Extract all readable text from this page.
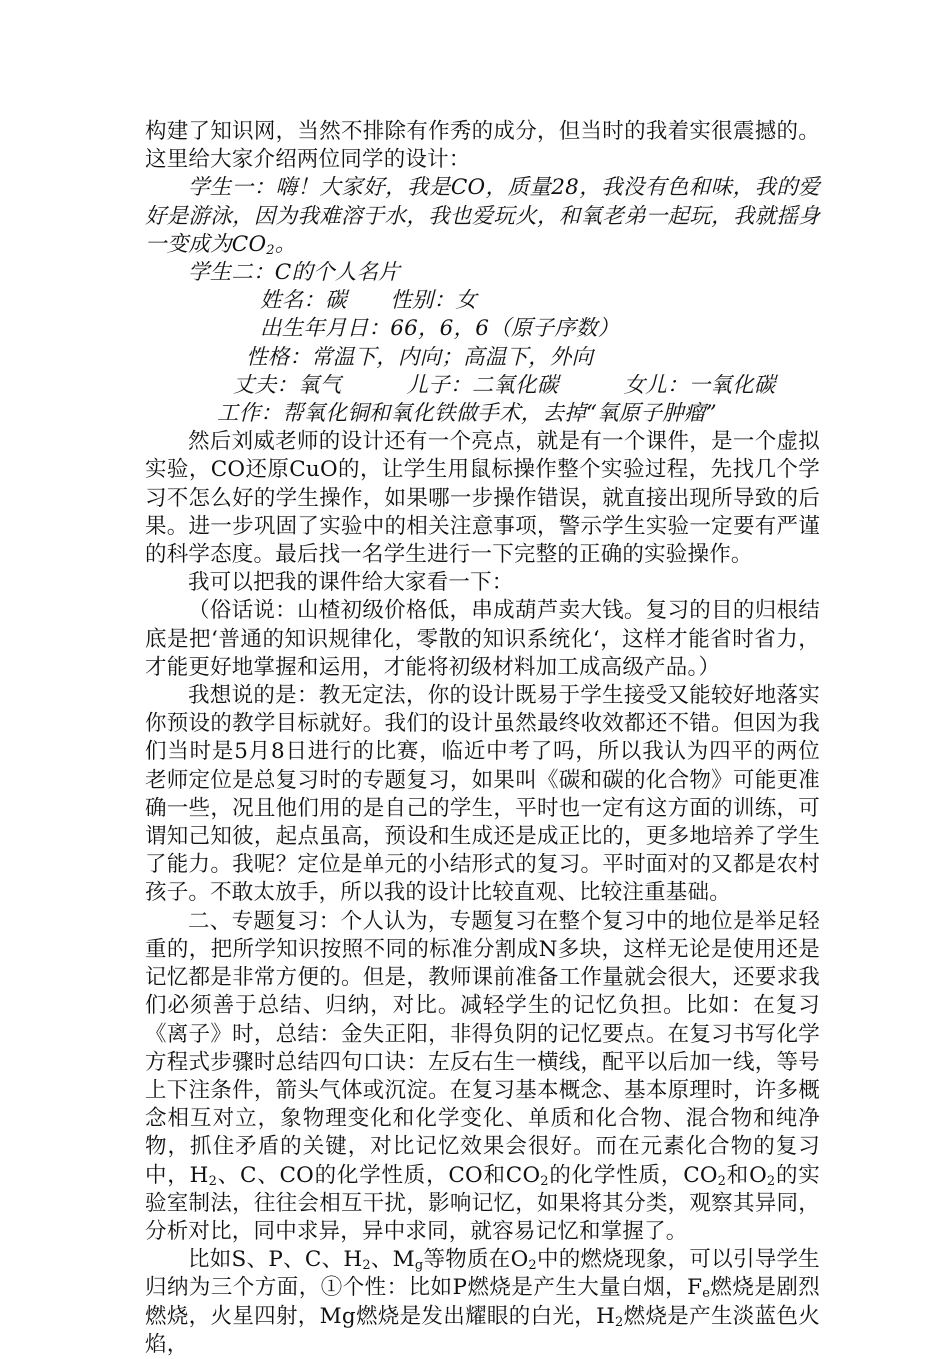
构建了知识网，当然不排除有作秀的成分，但当时的我着实很震撼的。这里给大家介绍两位同学的设计：

学生一：嗨！大家好，我是CO，质量28，我没有色和味，我的爱好是游泳，因为我难溶于水，我也爱玩火，和氧老弟一起玩，我就摇身一变成为$CO_2$。

学生二：C的个人名片

姓名：碳　　性别：女

出生年月日：66，6，6（原子序数）

性格：常温下，内向；高温下，外向

丈夫：氧气　　　儿子：二氧化碳　　　女儿：一氧化碳

工作：帮氧化铜和氧化铁做手术，去掉“氧原子肿瘤”

然后刘威老师的设计还有一个亮点，就是有一个课件，是一个虚拟实验，CO还原CuO的，让学生用鼠标操作整个实验过程，先找几个学习不怎么好的学生操作，如果哪一步操作错误，就直接出现所导致的后果。进一步巩固了实验中的相关注意事项，警示学生实验一定要有严谨的科学态度。最后找一名学生进行一下完整的正确的实验操作。

我可以把我的课件给大家看一下：

（俗话说：山楂初级价格低，串成葫芦卖大钱。复习的目的归根结底是把‘普通的知识规律化，零散的知识系统化‘，这样才能省时省力，才能更好地掌握和运用，才能将初级材料加工成高级产品。）

我想说的是：教无定法，你的设计既易于学生接受又能较好地落实你预设的教学目标就好。我们的设计虽然最终收效都还不错。但因为我们当时是5月8日进行的比赛，临近中考了吗，所以我认为四平的两位老师定位是总复习时的专题复习，如果叫《碳和碳的化合物》可能更准确一些，况且他们用的是自己的学生，平时也一定有这方面的训练，可谓知己知彼，起点虽高，预设和生成还是成正比的，更多地培养了学生了能力。我呢？定位是单元的小结形式的复习。平时面对的又都是农村孩子。不敢太放手，所以我的设计比较直观、比较注重基础。

二、专题复习：个人认为，专题复习在整个复习中的地位是举足轻重的，把所学知识按照不同的标准分割成N多块，这样无论是使用还是记忆都是非常方便的。但是，教师课前准备工作量就会很大，还要求我们必须善于总结、归纳，对比。减轻学生的记忆负担。比如：在复习《离子》时，总结：金失正阳，非得负阴的记忆要点。在复习书写化学方程式步骤时总结四句口诀：左反右生一横线，配平以后加一线，等号上下注条件，箭头气体或沉淀。在复习基本概念、基本原理时，许多概念相互对立，象物理变化和化学变化、单质和化合物、混合物和纯净物，抓住矛盾的关键，对比记忆效果会很好。而在元素化合物的复习中，$H_2$、C、CO的化学性质，CO和$CO_2$的化学性质，$CO_2$和$O_2$的实验室制法，往往会相互干扰，影响记忆，如果将其分类，观察其异同，分析对比，同中求异，异中求同，就容易记忆和掌握了。

比如S、P、C、$H_2$、$M_g$等物质在$O_2$中的燃烧现象，可以引导学生归纳为三个方面，①个性：比如P燃烧是产生大量白烟，$F_e$燃烧是剧烈燃烧，火星四射，Mg燃烧是发出耀眼的白光，$H_2$燃烧是产生淡蓝色火焰，
